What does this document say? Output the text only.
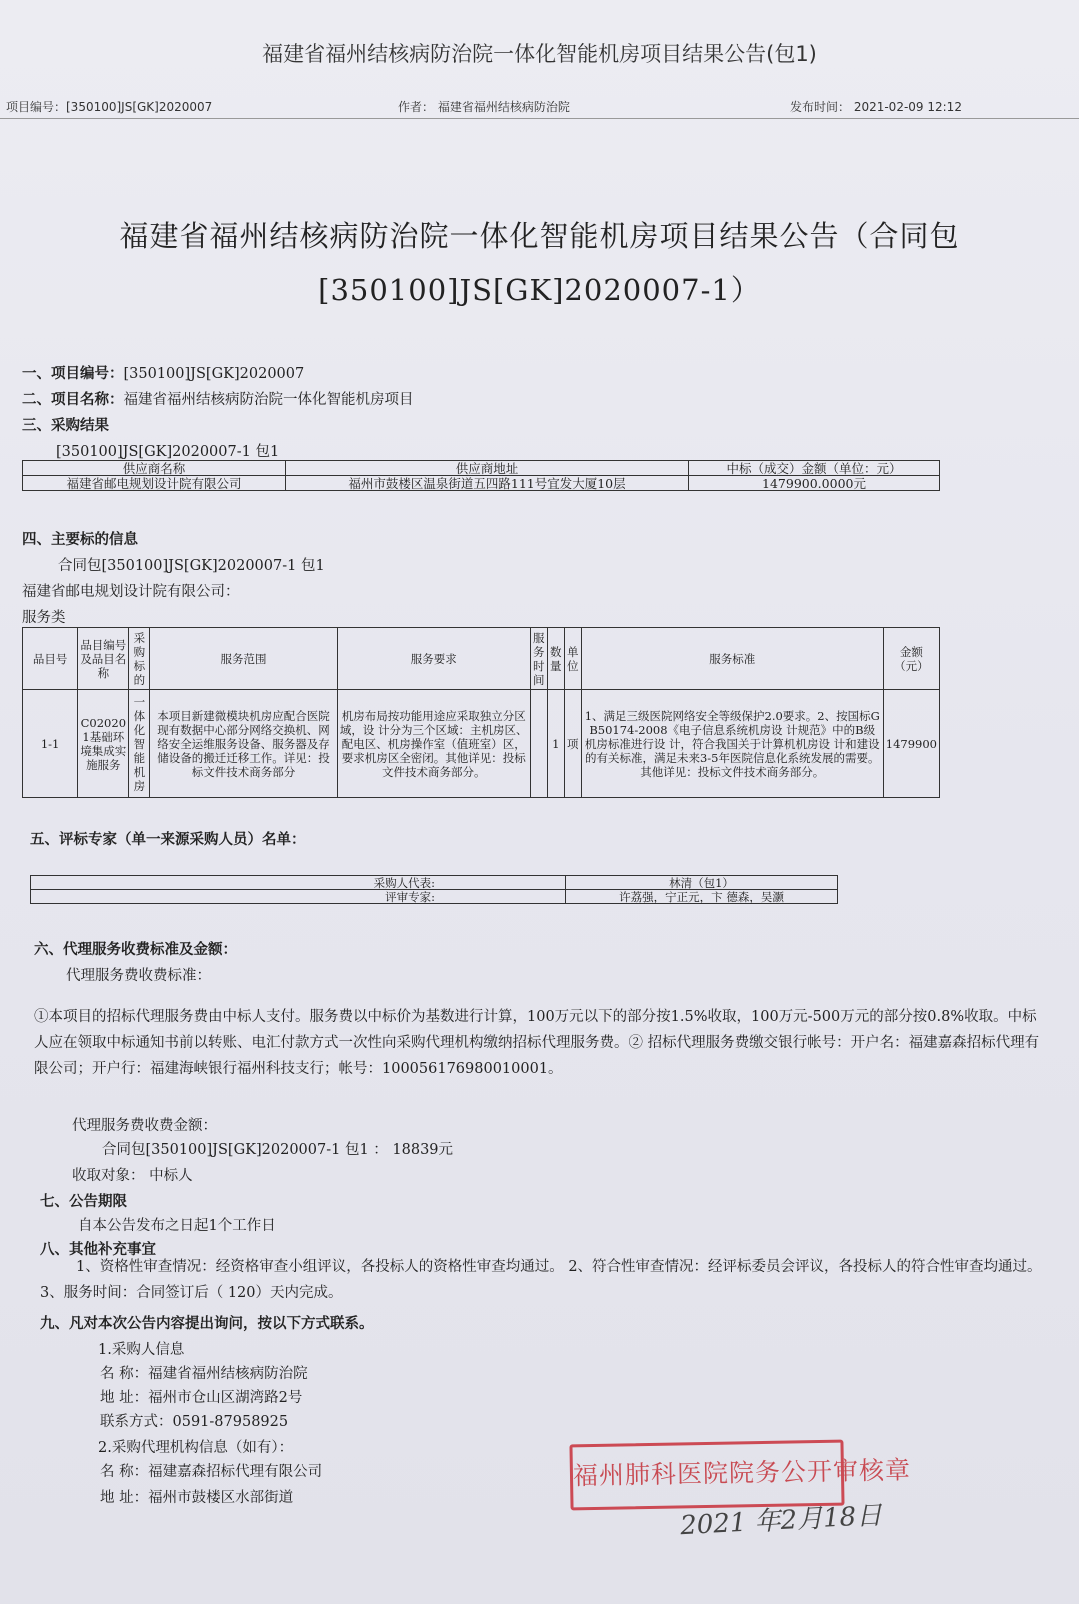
福建省福州结核病防治院一体化智能机房项目结果公告(包1)
项目编号：[350100]JS[GK]2020007	作者： 福建省福州结核病防治院	发布时间： 2021-02-09 12:12
福建省福州结核病防治院一体化智能机房项目结果公告（合同包
[350100]JS[GK]2020007-1）
一、项目编号：[350100]JS[GK]2020007
二、项目名称：福建省福州结核病防治院一体化智能机房项目
三、采购结果
[350100]JS[GK]2020007-1 包1
供应商名称	供应商地址	中标（成交）金额（单位：元）
福建省邮电规划设计院有限公司	福州市鼓楼区温泉街道五四路111号宜发大厦10层	1479900.0000元
四、主要标的信息
合同包[350100]JS[GK]2020007-1 包1
福建省邮电规划设计院有限公司：
服务类
品目号	品目编号及品目名称	采购标的	服务范围	服务要求	服务时间	数量	单位	服务标准	金额（元）
1-1	C020201基础环境集成实施服务	一体化智能机房	本项目新建微模块机房应配合医院现有数据中心部分网络交换机、网络安全运维服务设备、服务器及存储设备的搬迁迁移工作。详见：投标文件技术商务部分	机房布局按功能用途应采取独立分区域，设 计分为三个区域：主机房区、配电区、机房操作室（值班室）区，要求机房区全密闭。其他详见：投标文件技术商务部分。		1	项	1、满足三级医院网络安全等级保护2.0要求。2、按国标GB50174-2008《电子信息系统机房设 计规范》中的B级机房标准进行设 计，符合我国关于计算机机房设 计和建设的有关标准，满足未来3-5年医院信息化系统发展的需要。其他详见：投标文件技术商务部分。	1479900
五、评标专家（单一来源采购人员）名单：
采购人代表:	林清（包1）
评审专家:	许荔强，宁正元，卞 德森，吴灏
六、代理服务收费标准及金额：
代理服务费收费标准：
①本项目的招标代理服务费由中标人支付。服务费以中标价为基数进行计算，100万元以下的部分按1.5%收取，100万元-500万元的部分按0.8%收取。中标人应在领取中标通知书前以转账、电汇付款方式一次性向采购代理机构缴纳招标代理服务费。② 招标代理服务费缴交银行帐号：开户名：福建嘉森招标代理有限公司；开户行：福建海峡银行福州科技支行；帐号：100056176980010001。
代理服务费收费金额：
合同包[350100]JS[GK]2020007-1 包1 ： 18839元
收取对象： 中标人
七、公告期限
自本公告发布之日起1个工作日
八、其他补充事宜
1、资格性审查情况：经资格审查小组评议，各投标人的资格性审查均通过。 2、符合性审查情况：经评标委员会评议，各投标人的符合性审查均通过。 3、服务时间：合同签订后（ 120）天内完成。
九、凡对本次公告内容提出询问，按以下方式联系。
1.采购人信息
名 称：福建省福州结核病防治院
地 址：福州市仓山区湖湾路2号
联系方式：0591-87958925
2.采购代理机构信息（如有）：
名 称：福建嘉森招标代理有限公司
地 址：福州市鼓楼区水部街道
福州肺科医院院务公开审核章
2021 年2月18日
